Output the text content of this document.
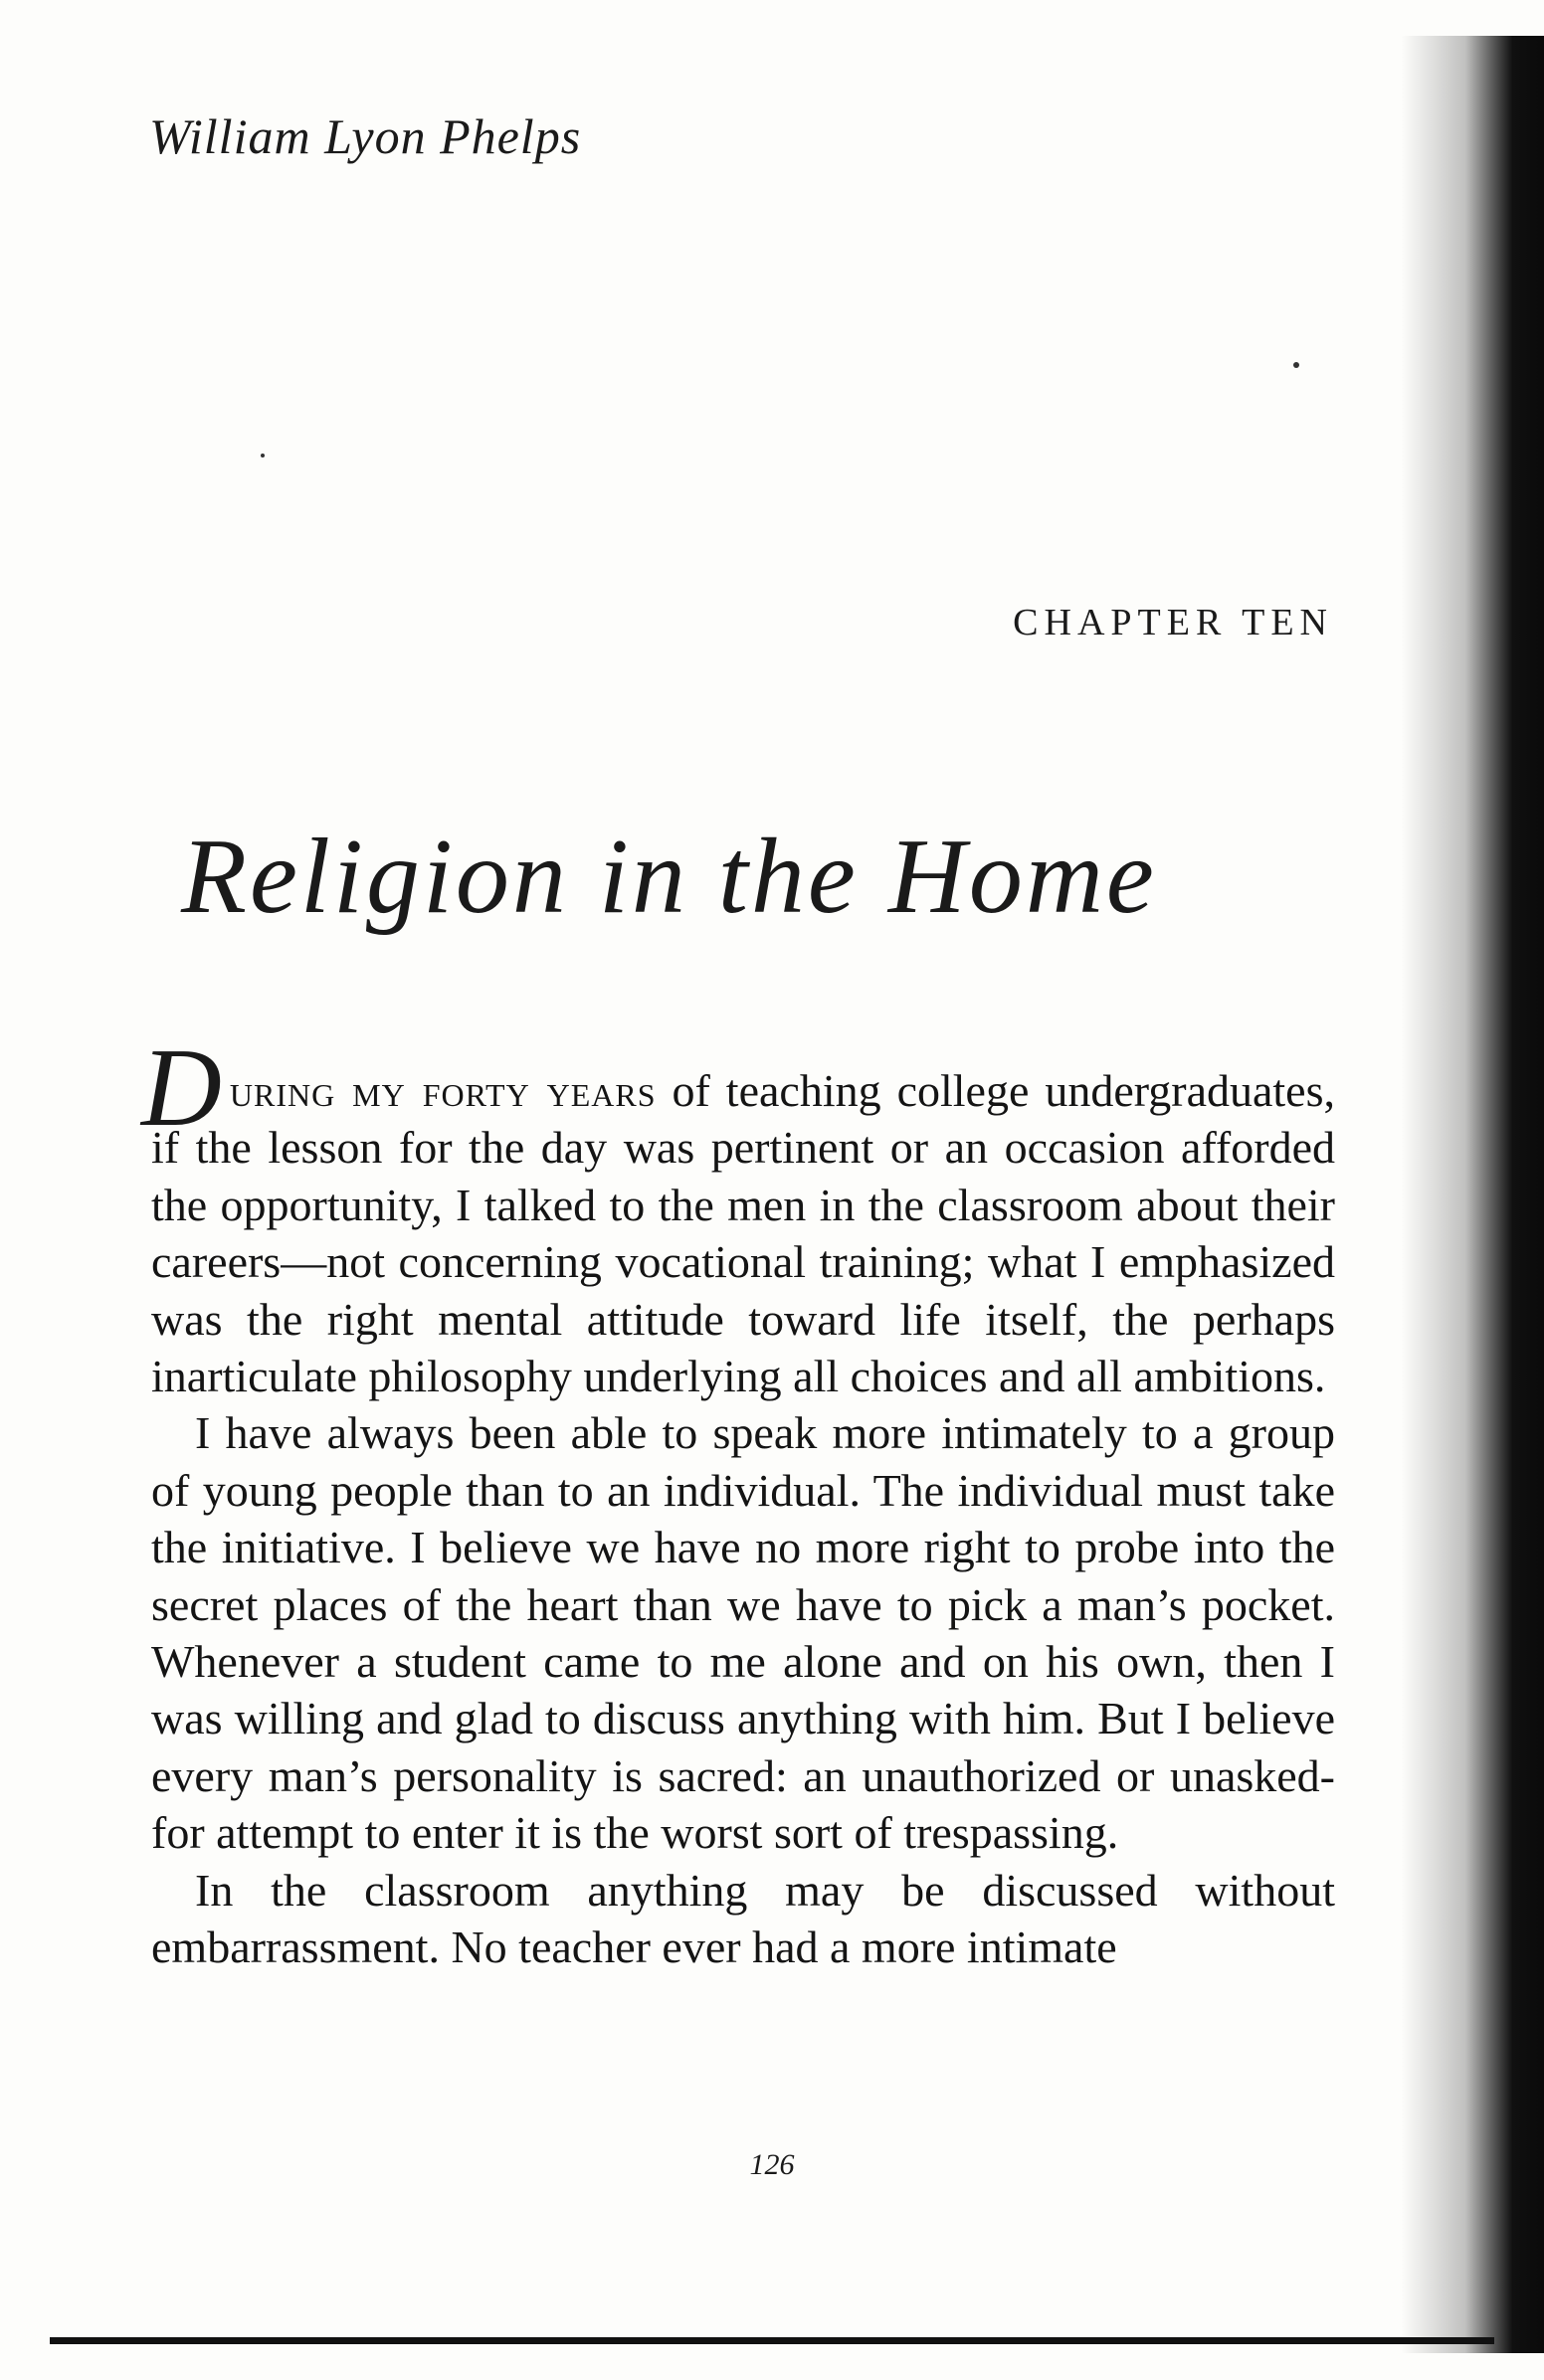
William Lyon Phelps
CHAPTER TEN
Religion in the Home

During my forty years of teaching college undergraduates, if the lesson for the day was pertinent or an occasion afforded the opportunity, I talked to the men in the classroom about their careers—not concerning vocational training; what I emphasized was the right mental attitude toward life itself, the perhaps inarticulate philosophy underlying all choices and all ambitions.

I have always been able to speak more intimately to a group of young people than to an individual. The individual must take the initiative. I believe we have no more right to probe into the secret places of the heart than we have to pick a man’s pocket. Whenever a student came to me alone and on his own, then I was willing and glad to discuss anything with him. But I believe every man’s personality is sacred: an unauthorized or unasked-for attempt to enter it is the worst sort of trespassing.

In the classroom anything may be discussed without embarrassment. No teacher ever had a more intimate

126
